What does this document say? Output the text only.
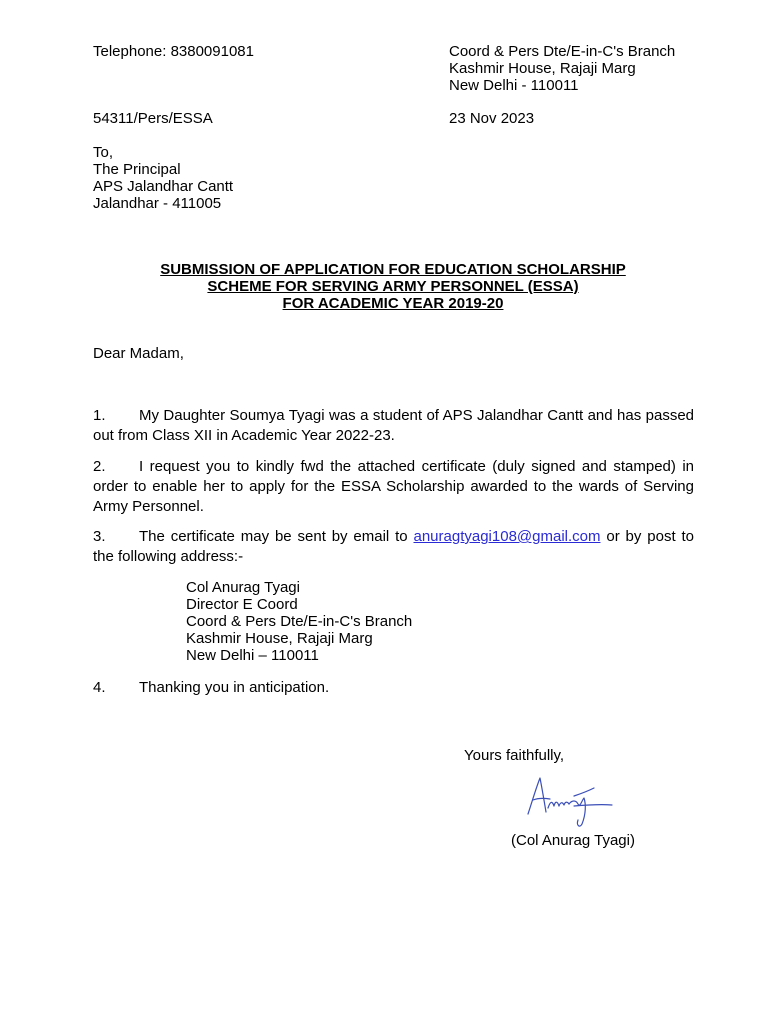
Telephone: 8380091081	Coord & Pers Dte/E-in-C's Branch
Kashmir House, Rajaji Marg
New Delhi - 110011
54311/Pers/ESSA	23 Nov 2023
To,
The Principal
APS Jalandhar Cantt
Jalandhar - 411005
SUBMISSION OF APPLICATION FOR EDUCATION SCHOLARSHIP
SCHEME FOR SERVING ARMY PERSONNEL (ESSA)
FOR ACADEMIC YEAR 2019-20
Dear Madam,
1. My Daughter Soumya Tyagi was a student of APS Jalandhar Cantt and has passed out from Class XII in Academic Year 2022-23.
2. I request you to kindly fwd the attached certificate (duly signed and stamped) in order to enable her to apply for the ESSA Scholarship awarded to the wards of Serving Army Personnel.
3. The certificate may be sent by email to anuragtyagi108@gmail.com or by post to the following address:-
Col Anurag Tyagi
Director E Coord
Coord & Pers Dte/E-in-C's Branch
Kashmir House, Rajaji Marg
New Delhi – 110011
4. Thanking you in anticipation.
Yours faithfully,
(Col Anurag Tyagi)
